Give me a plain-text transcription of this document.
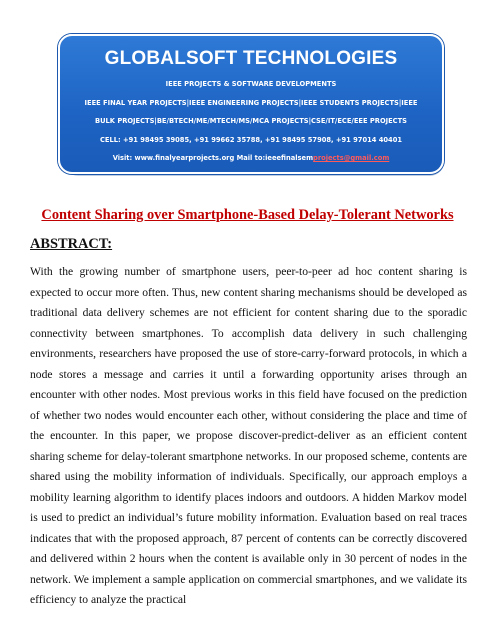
GLOBALSOFT TECHNOLOGIES
IEEE PROJECTS & SOFTWARE DEVELOPMENTS
IEEE FINAL YEAR PROJECTS|IEEE ENGINEERING PROJECTS|IEEE STUDENTS PROJECTS|IEEE
BULK PROJECTS|BE/BTECH/ME/MTECH/MS/MCA PROJECTS|CSE/IT/ECE/EEE PROJECTS
CELL: +91 98495 39085, +91 99662 35788, +91 98495 57908, +91 97014 40401
Visit: www.finalyearprojects.org Mail to:ieeefinalsemprojects@gmail.com
Content Sharing over Smartphone-Based Delay-Tolerant Networks
ABSTRACT:

With the growing number of smartphone users, peer-to-peer ad hoc content sharing is expected to occur more often. Thus, new content sharing mechanisms should be developed as traditional data delivery schemes are not efficient for content sharing due to the sporadic connectivity between smartphones. To accomplish data delivery in such challenging environments, researchers have proposed the use of store-carry-forward protocols, in which a node stores a message and carries it until a forwarding opportunity arises through an encounter with other nodes. Most previous works in this field have focused on the prediction of whether two nodes would encounter each other, without considering the place and time of the encounter. In this paper, we propose discover-predict-deliver as an efficient content sharing scheme for delay-tolerant smartphone networks. In our proposed scheme, contents are shared using the mobility information of individuals. Specifically, our approach employs a mobility learning algorithm to identify places indoors and outdoors. A hidden Markov model is used to predict an individual’s future mobility information. Evaluation based on real traces indicates that with the proposed approach, 87 percent of contents can be correctly discovered and delivered within 2 hours when the content is available only in 30 percent of nodes in the network. We implement a sample application on commercial smartphones, and we validate its efficiency to analyze the practical
